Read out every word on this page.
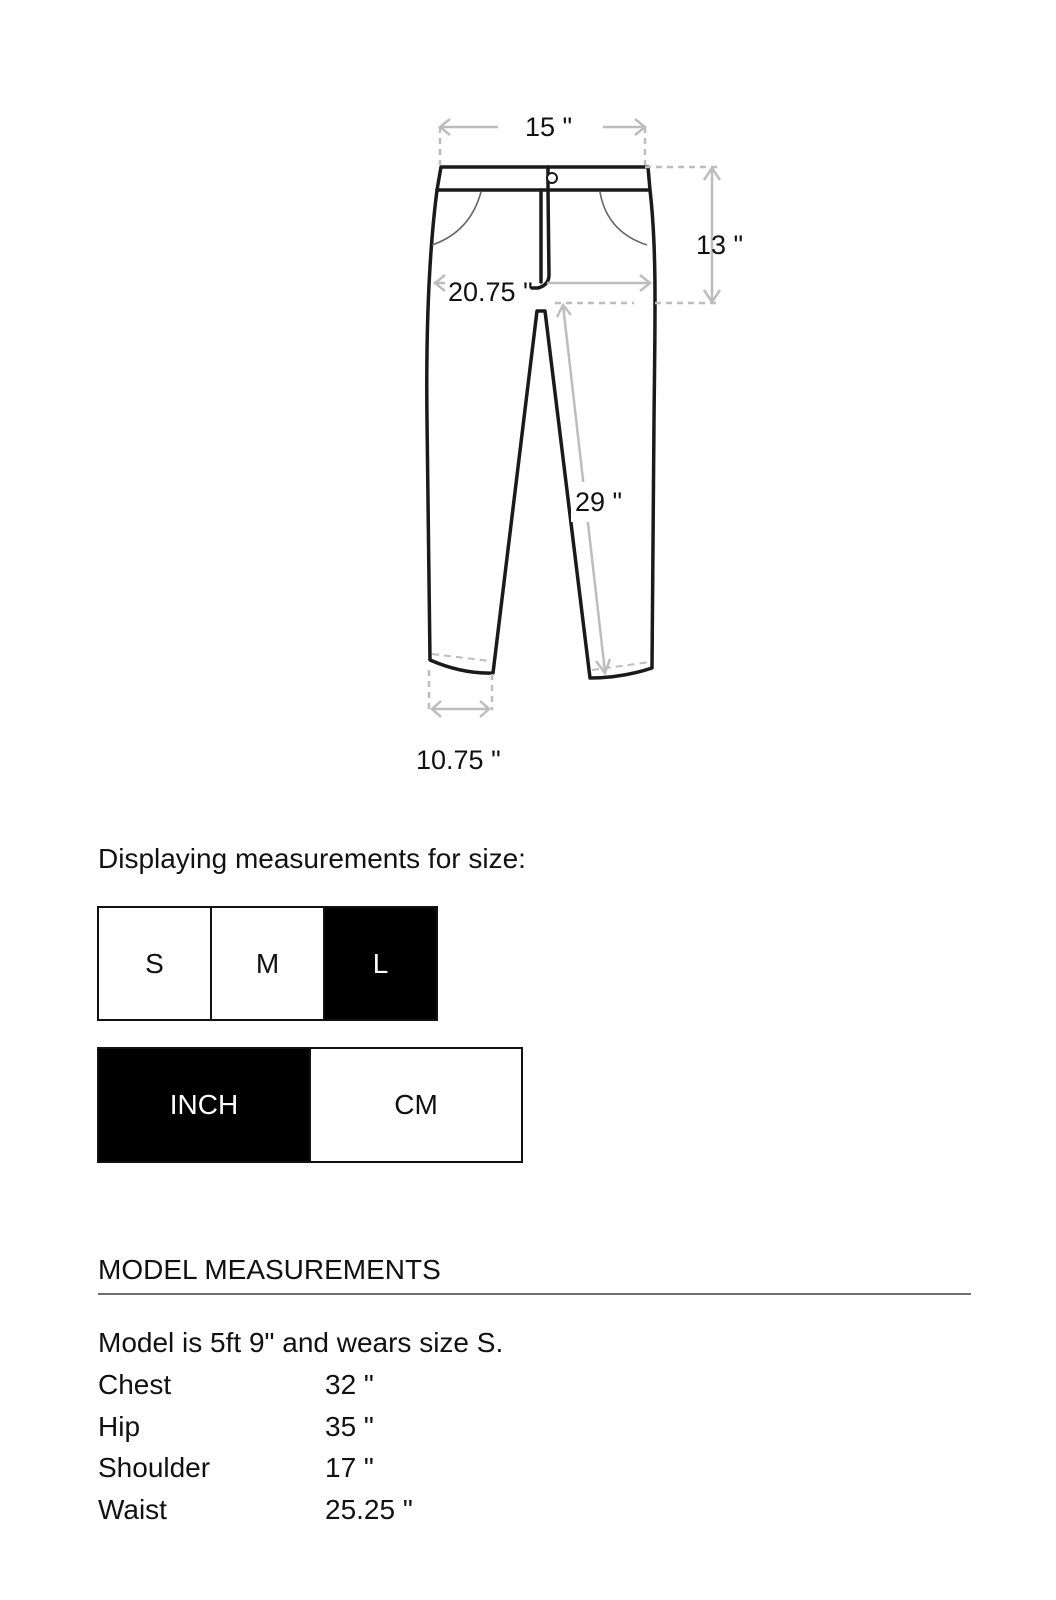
15 "
13 "
20.75 "
29 "
10.75 "
Displaying measurements for size:
S	M	L
INCH	CM
MODEL MEASUREMENTS
Model is 5ft 9" and wears size S.
Chest	32 "
Hip	35 "
Shoulder	17 "
Waist	25.25 "
